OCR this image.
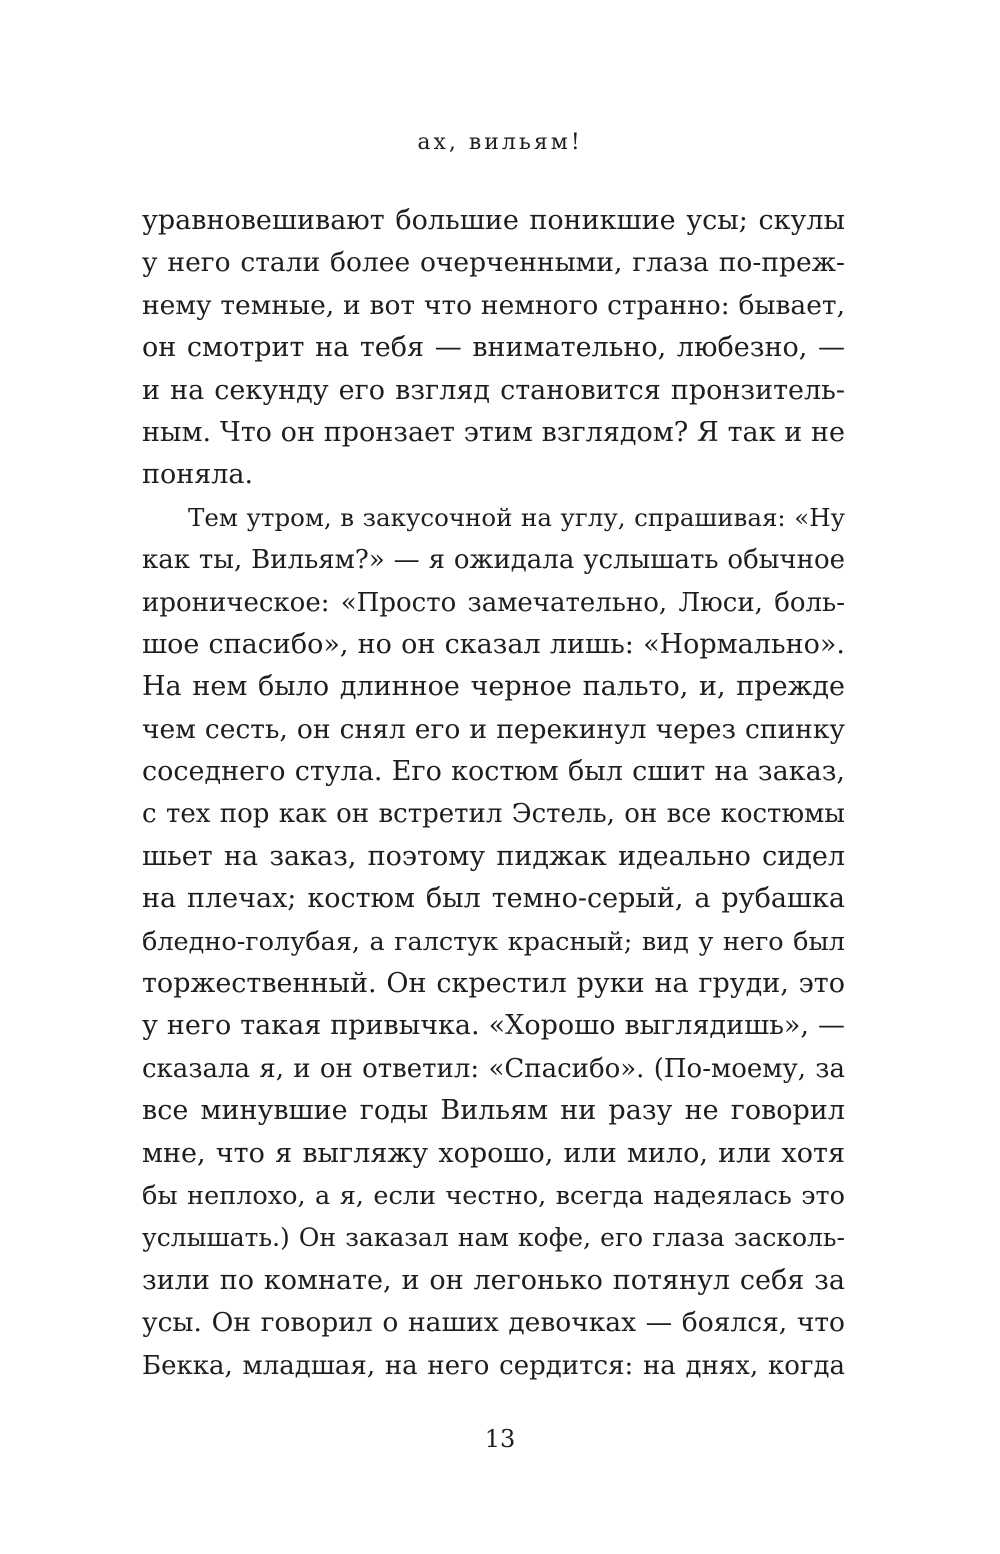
ах, вильям!
уравновешивают большие поникшие усы; скулы
у него стали более очерченными, глаза по-преж-
нему темные, и вот что немного странно: бывает,
он смотрит на тебя — внимательно, любезно, —
и на секунду его взгляд становится пронзитель-
ным. Что он пронзает этим взглядом? Я так и не
поняла.
Тем утром, в закусочной на углу, спрашивая: «Ну
как ты, Вильям?» — я ожидала услышать обычное
ироническое: «Просто замечательно, Люси, боль-
шое спасибо», но он сказал лишь: «Нормально».
На нем было длинное черное пальто, и, прежде
чем сесть, он снял его и перекинул через спинку
соседнего стула. Его костюм был сшит на заказ,
с тех пор как он встретил Эстель, он все костюмы
шьет на заказ, поэтому пиджак идеально сидел
на плечах; костюм был темно-серый, а рубашка
бледно-голубая, а галстук красный; вид у него был
торжественный. Он скрестил руки на груди, это
у него такая привычка. «Хорошо выглядишь», —
сказала я, и он ответил: «Спасибо». (По-моему, за
все минувшие годы Вильям ни разу не говорил
мне, что я выгляжу хорошо, или мило, или хотя
бы неплохо, а я, если честно, всегда надеялась это
услышать.) Он заказал нам кофе, его глаза засколь-
зили по комнате, и он легонько потянул себя за
усы. Он говорил о наших девочках — боялся, что
Бекка, младшая, на него сердится: на днях, когда
13
